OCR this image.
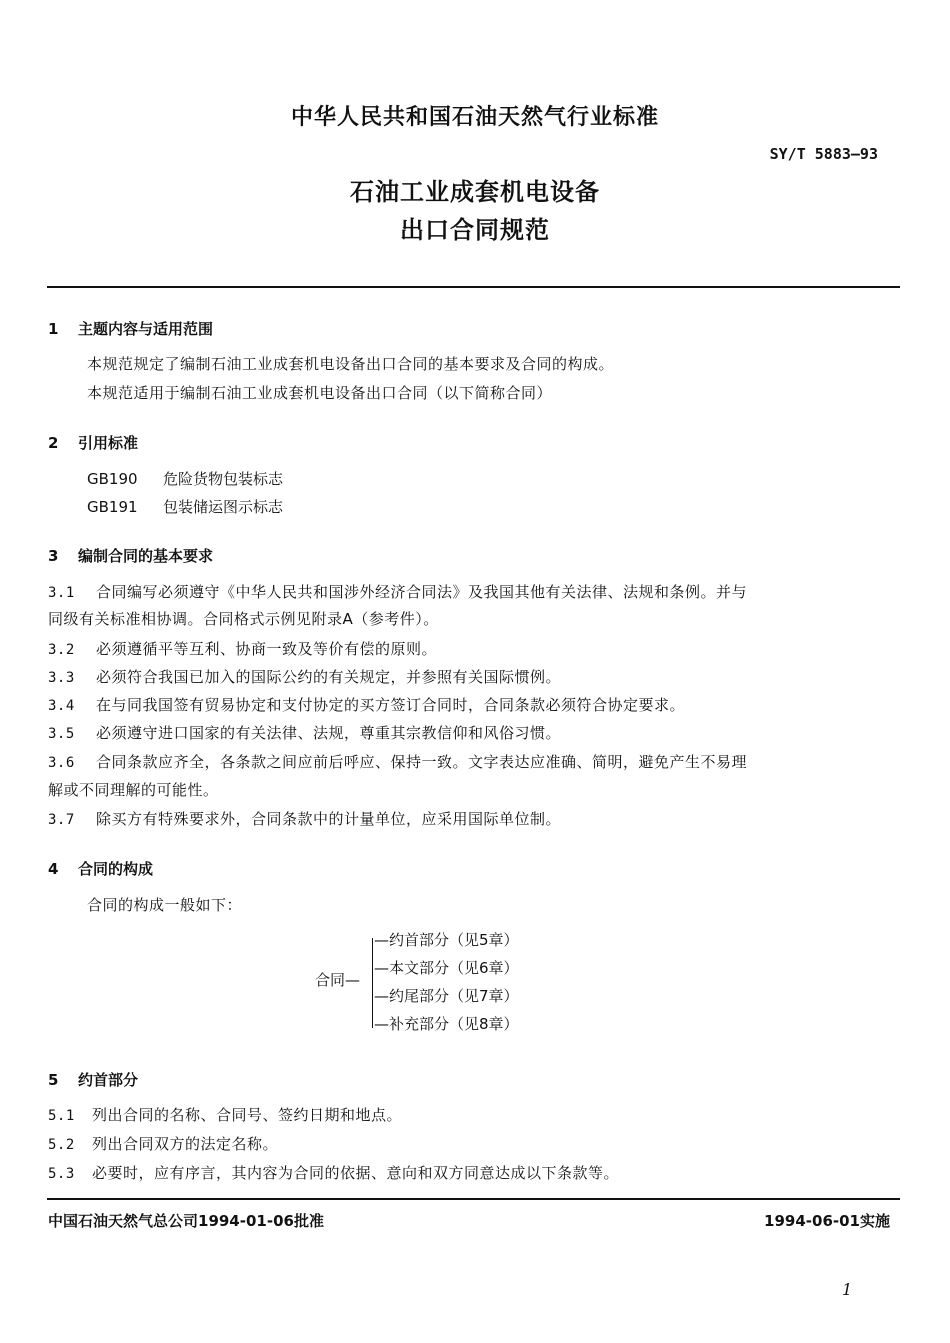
中华人民共和国石油天然气行业标准
SY/T 5883—93
石油工业成套机电设备
出口合同规范
1 主题内容与适用范围
本规范规定了编制石油工业成套机电设备出口合同的基本要求及合同的构成。
本规范适用于编制石油工业成套机电设备出口合同（以下简称合同）
2 引用标准
GB190 危险货物包装标志
GB191 包装储运图示标志
3 编制合同的基本要求
3.1 合同编写必须遵守《中华人民共和国涉外经济合同法》及我国其他有关法律、法规和条例。并与
同级有关标准相协调。合同格式示例见附录A（参考件）。
3.2 必须遵循平等互利、协商一致及等价有偿的原则。
3.3 必须符合我国已加入的国际公约的有关规定，并参照有关国际惯例。
3.4 在与同我国签有贸易协定和支付协定的买方签订合同时，合同条款必须符合协定要求。
3.5 必须遵守进口国家的有关法律、法规，尊重其宗教信仰和风俗习惯。
3.6 合同条款应齐全，各条款之间应前后呼应、保持一致。文字表达应准确、简明，避免产生不易理
解或不同理解的可能性。
3.7 除买方有特殊要求外，合同条款中的计量单位，应采用国际单位制。
4 合同的构成
合同的构成一般如下：
合同—
—约首部分（见5章）
—本文部分（见6章）
—约尾部分（见7章）
—补充部分（见8章）
5 约首部分
5.1 列出合同的名称、合同号、签约日期和地点。
5.2 列出合同双方的法定名称。
5.3 必要时，应有序言，其内容为合同的依据、意向和双方同意达成以下条款等。
中国石油天然气总公司1994-01-06批准	1994-06-01实施
1
